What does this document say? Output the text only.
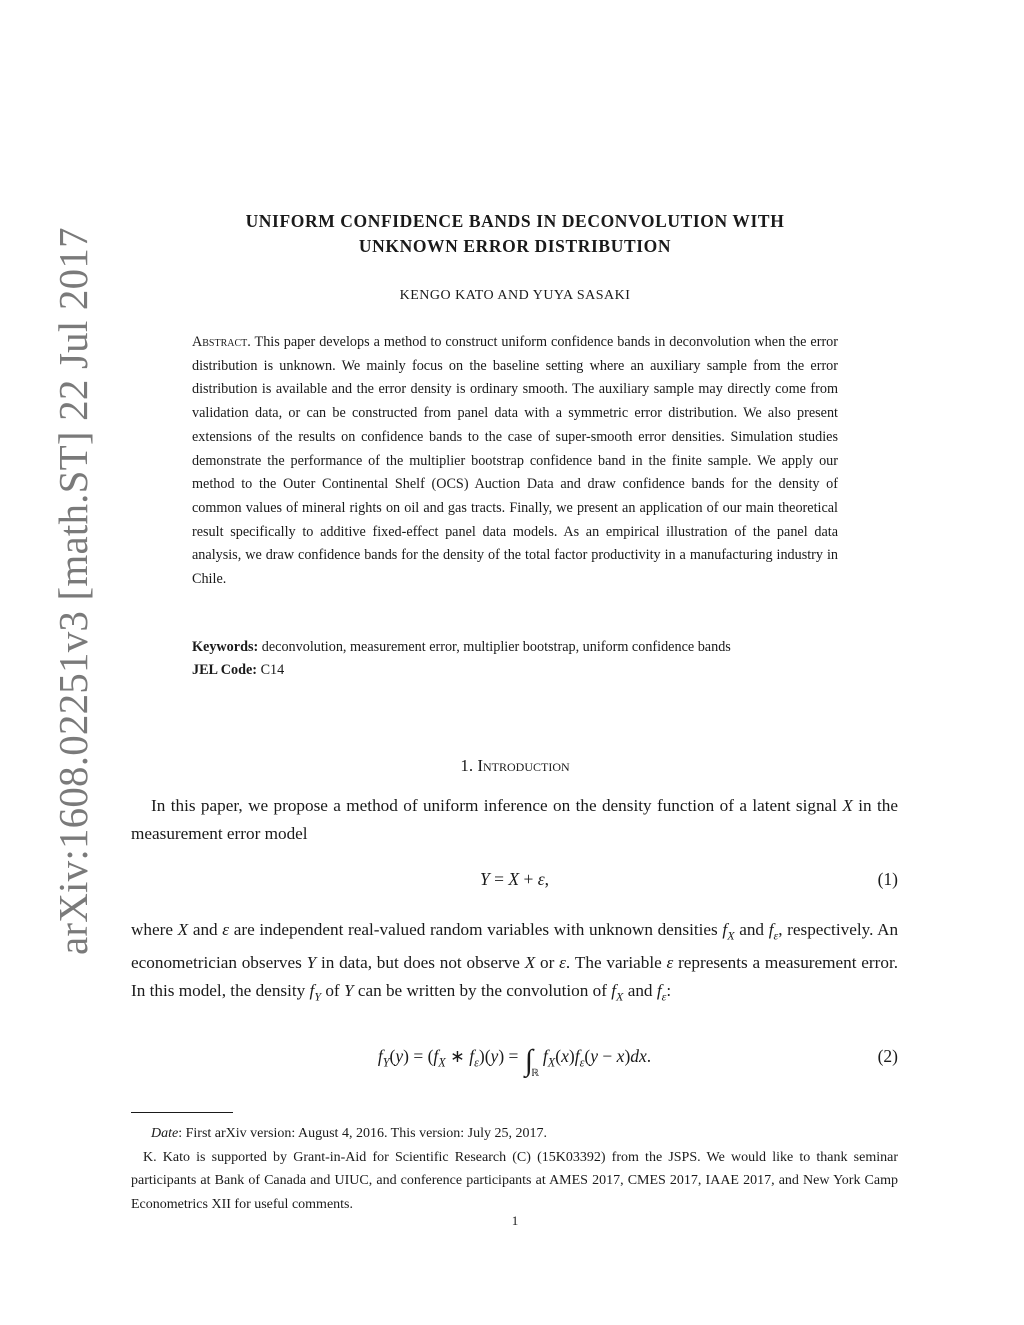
arXiv:1608.02251v3 [math.ST] 22 Jul 2017
UNIFORM CONFIDENCE BANDS IN DECONVOLUTION WITH
UNKNOWN ERROR DISTRIBUTION
KENGO KATO AND YUYA SASAKI
Abstract. This paper develops a method to construct uniform confidence bands in deconvolution when the error distribution is unknown. We mainly focus on the baseline setting where an auxiliary sample from the error distribution is available and the error density is ordinary smooth. The auxiliary sample may directly come from validation data, or can be constructed from panel data with a symmetric error distribution. We also present extensions of the results on confidence bands to the case of super-smooth error densities. Simulation studies demonstrate the performance of the multiplier bootstrap confidence band in the finite sample. We apply our method to the Outer Continental Shelf (OCS) Auction Data and draw confidence bands for the density of common values of mineral rights on oil and gas tracts. Finally, we present an application of our main theoretical result specifically to additive fixed-effect panel data models. As an empirical illustration of the panel data analysis, we draw confidence bands for the density of the total factor productivity in a manufacturing industry in Chile.
Keywords: deconvolution, measurement error, multiplier bootstrap, uniform confidence bands
JEL Code: C14
1. Introduction
In this paper, we propose a method of uniform inference on the density function of a latent signal X in the measurement error model
Y = X + ε,	(1)
where X and ε are independent real-valued random variables with unknown densities $f_X$ and $f_\varepsilon$, respectively. An econometrician observes Y in data, but does not observe X or ε. The variable ε represents a measurement error. In this model, the density $f_Y$ of Y can be written by the convolution of $f_X$ and $f_\varepsilon$:
$f_Y(y) = (f_X$ ∗ $f_\varepsilon)(y) = \int_ℝf_X(x)f_\varepsilon(y - x)dx$.	(2)
Date: First arXiv version: August 4, 2016. This version: July 25, 2017.
K. Kato is supported by Grant-in-Aid for Scientific Research (C) (15K03392) from the JSPS. We would like to thank seminar participants at Bank of Canada and UIUC, and conference participants at AMES 2017, CMES 2017, IAAE 2017, and New York Camp Econometrics XII for useful comments.
1
